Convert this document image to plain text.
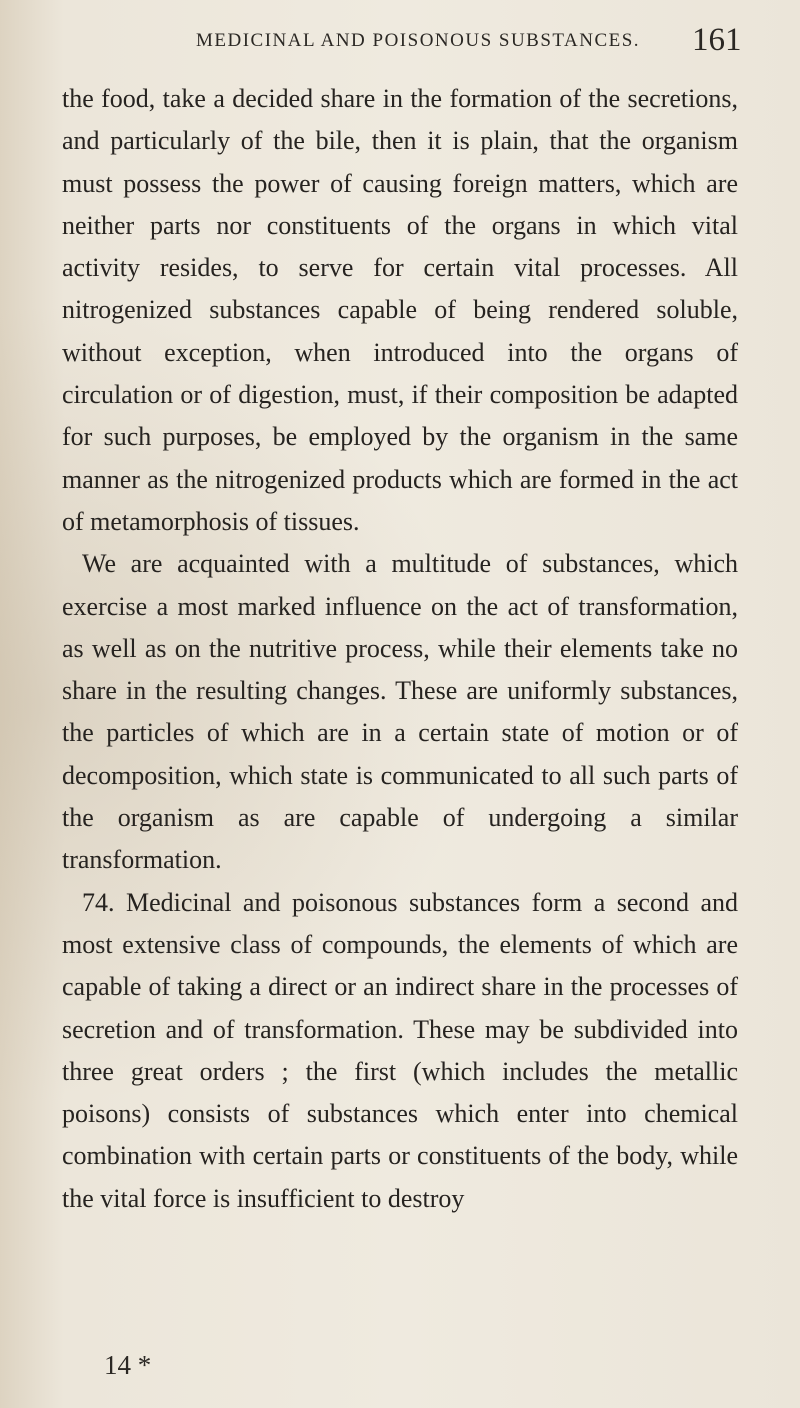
MEDICINAL AND POISONOUS SUBSTANCES. 161

the food, take a decided share in the formation of the secretions, and particularly of the bile, then it is plain, that the organism must possess the power of causing foreign matters, which are neither parts nor constituents of the organs in which vital activity resides, to serve for certain vital processes. All nitrogenized substances capable of being rendered soluble, without exception, when introduced into the organs of circulation or of digestion, must, if their composition be adapted for such purposes, be employed by the organism in the same manner as the nitrogenized products which are formed in the act of metamorphosis of tissues.

We are acquainted with a multitude of substances, which exercise a most marked influence on the act of transformation, as well as on the nutritive process, while their elements take no share in the resulting changes. These are uniformly substances, the particles of which are in a certain state of motion or of decomposition, which state is communicated to all such parts of the organism as are capable of undergoing a similar transformation.

74. Medicinal and poisonous substances form a second and most extensive class of compounds, the elements of which are capable of taking a direct or an indirect share in the processes of secretion and of transformation. These may be subdivided into three great orders ; the first (which includes the metallic poisons) consists of substances which enter into chemical combination with certain parts or constituents of the body, while the vital force is insufficient to destroy

14 *
